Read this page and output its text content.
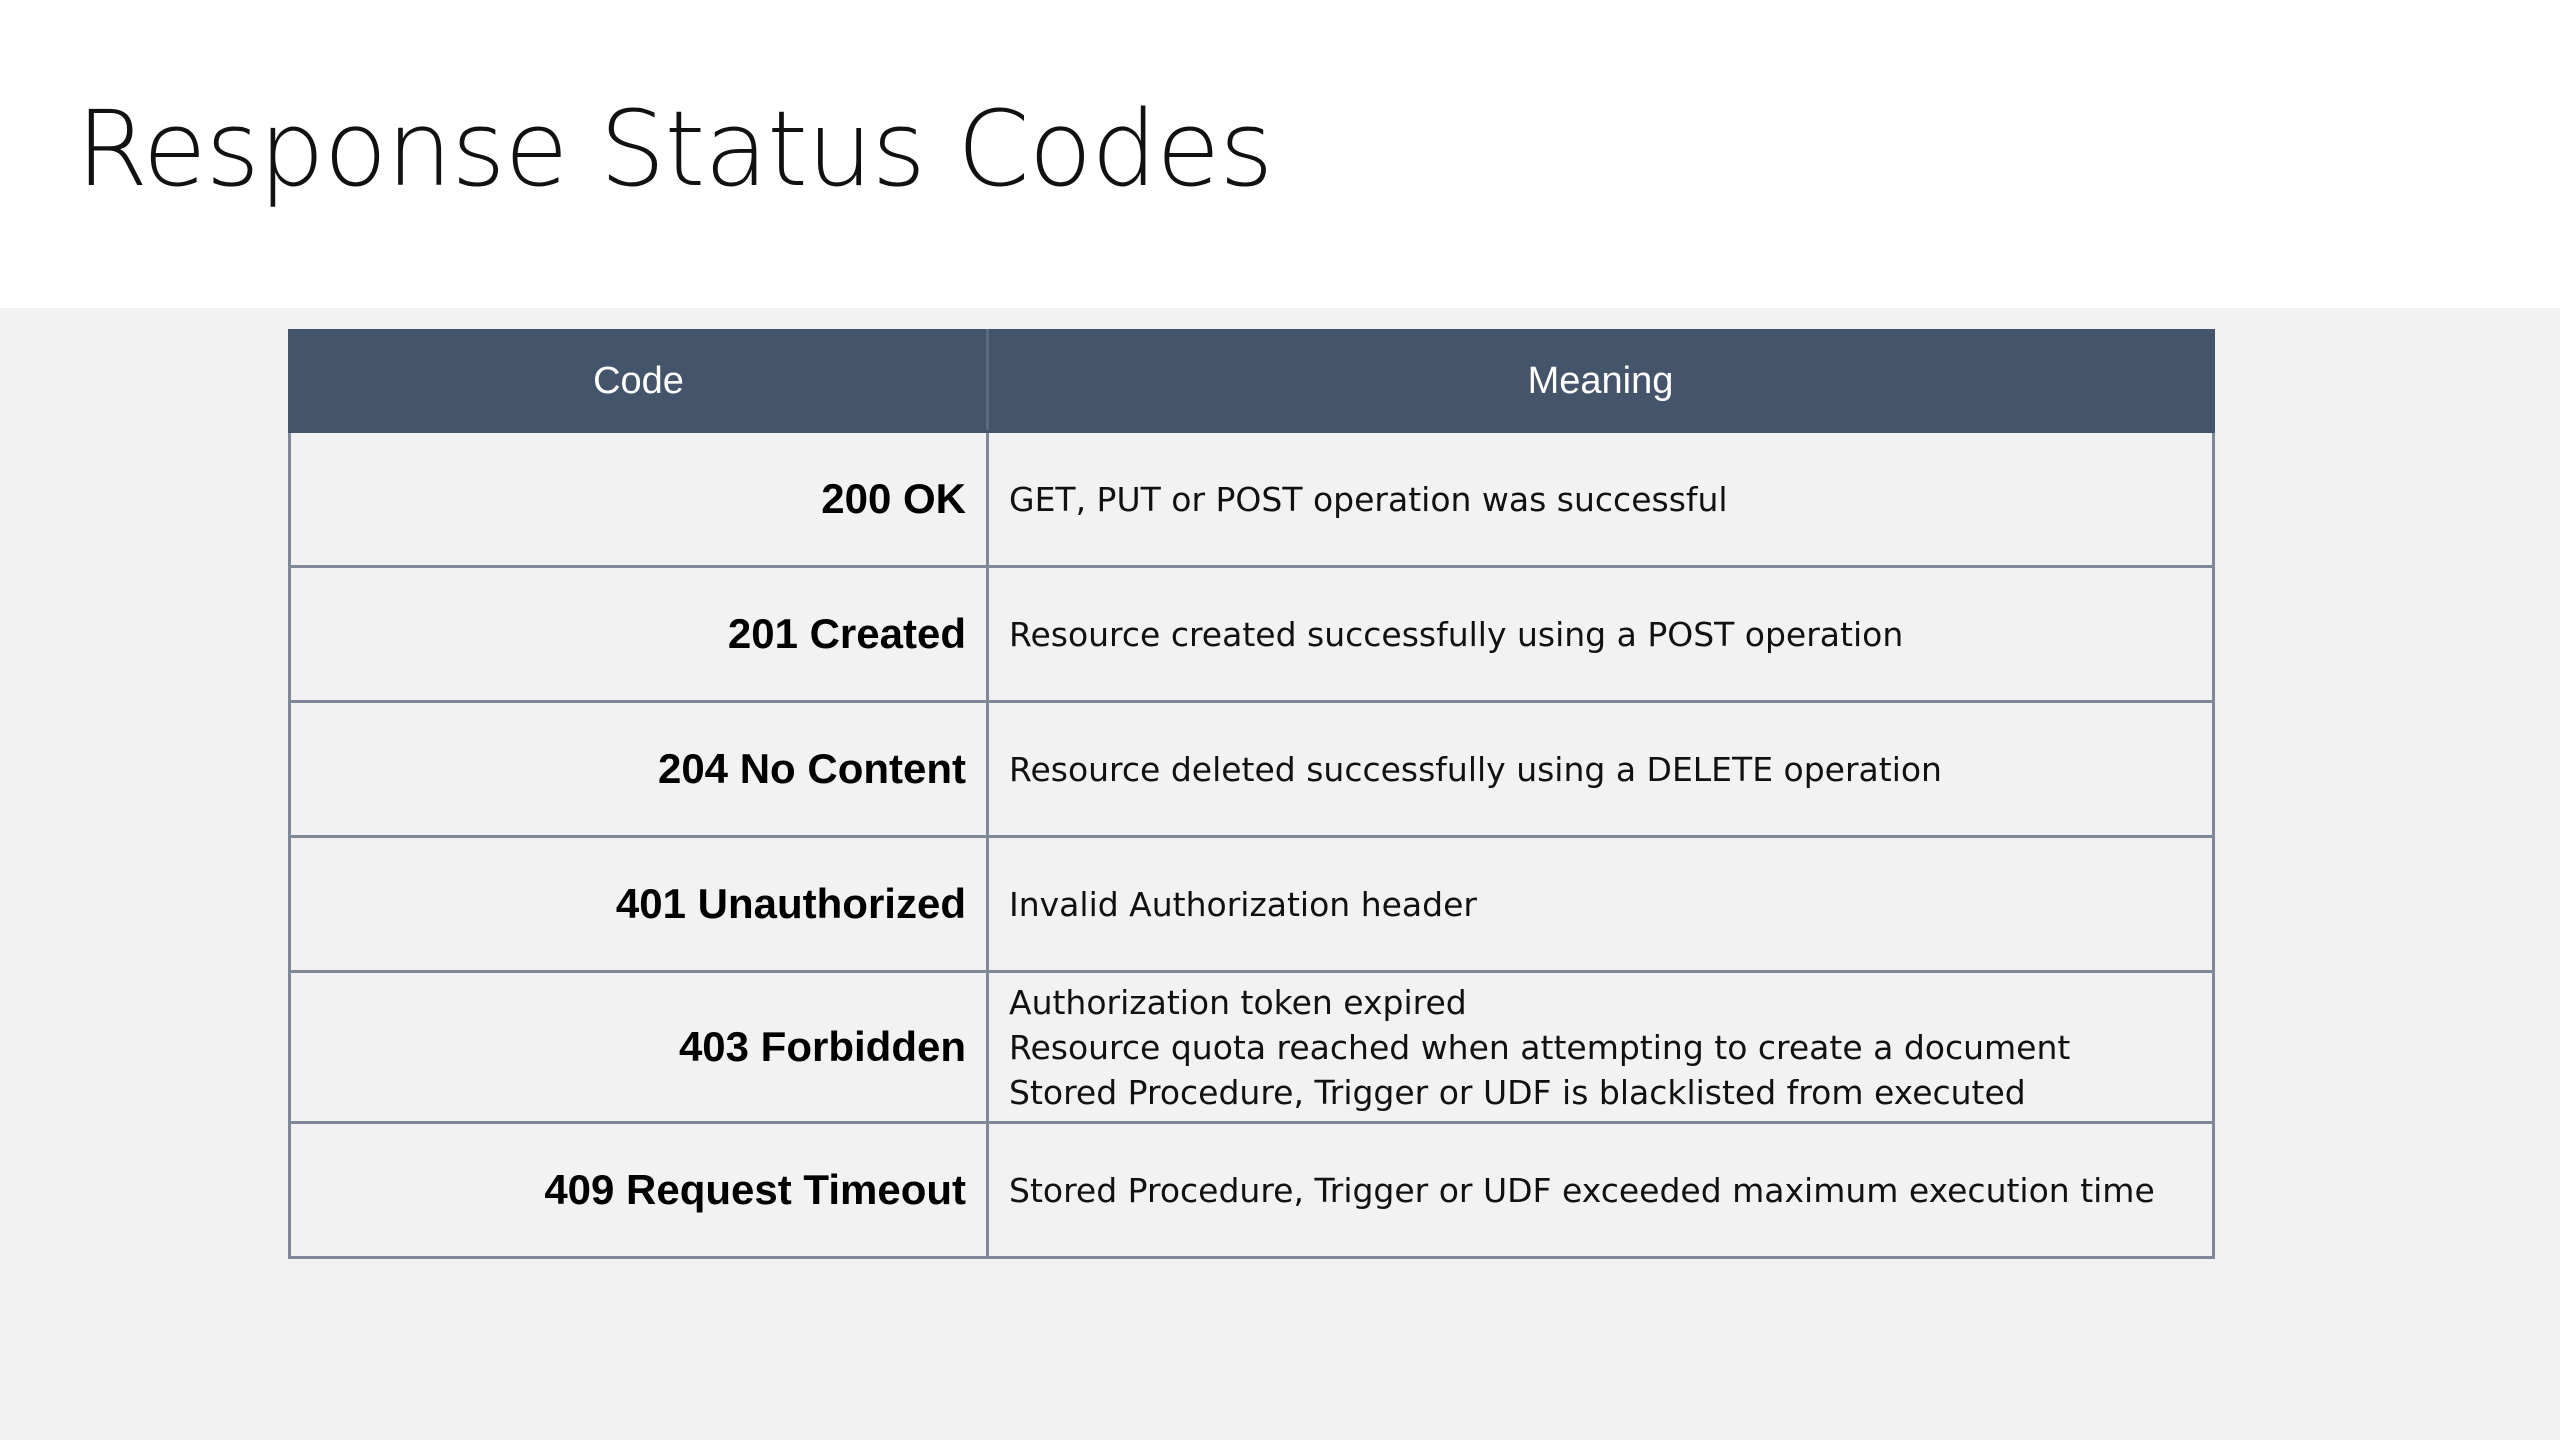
Response Status Codes
Code	Meaning
200 OK	GET, PUT or POST operation was successful

201 Created	Resource created successfully using a POST operation

204 No Content	Resource deleted successfully using a DELETE operation

401 Unauthorized	Invalid Authorization header

403 Forbidden	Authorization token expired
Resource quota reached when attempting to create a document
Stored Procedure, Trigger or UDF is blacklisted from executed

409 Request Timeout	Stored Procedure, Trigger or UDF exceeded maximum execution time
